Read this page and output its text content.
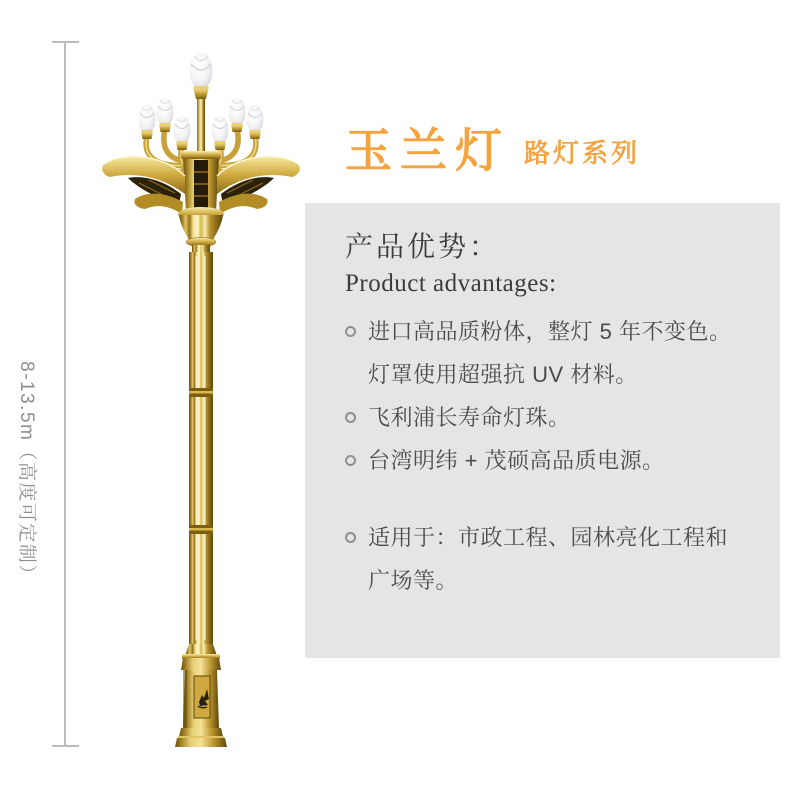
8-13.5m（高度可定制）
玉兰灯 路灯系列
产品优势：
Product advantages:
进口高品质粉体，整灯 5 年不变色。
灯罩使用超强抗 UV 材料。
飞利浦长寿命灯珠。
台湾明纬 + 茂硕高品质电源。
适用于：市政工程、园林亮化工程和
广场等。
